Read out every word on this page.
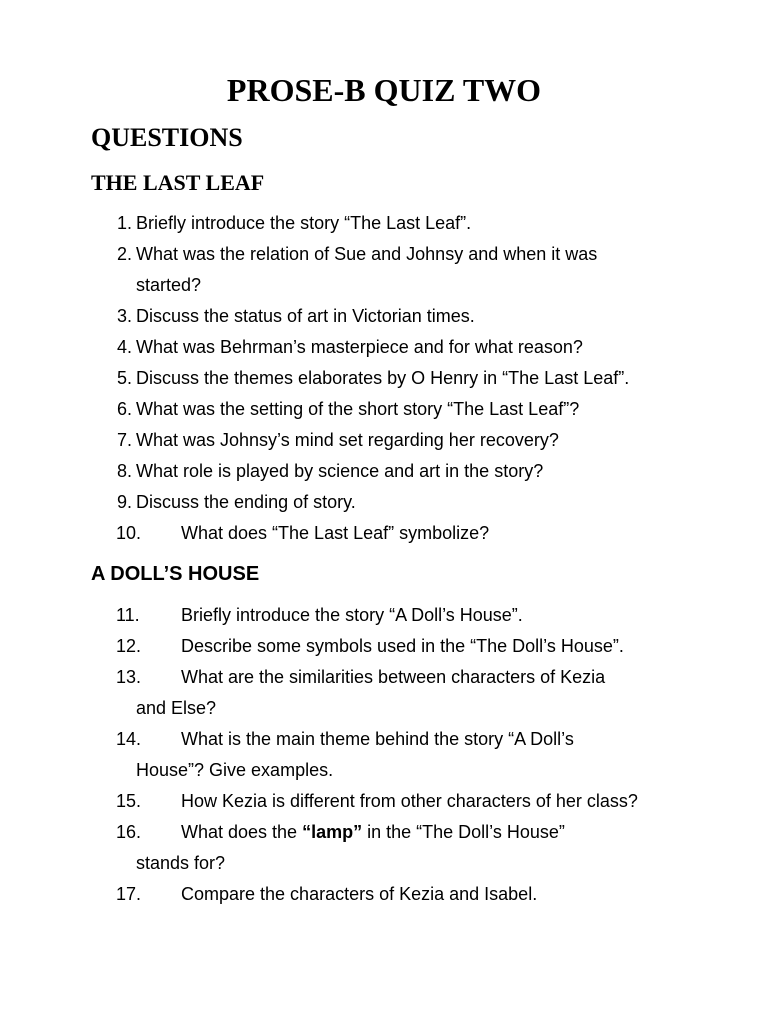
PROSE-B QUIZ TWO
QUESTIONS
THE LAST LEAF
1. Briefly introduce the story “The Last Leaf”.
2. What was the relation of Sue and Johnsy and when it was
started?
3. Discuss the status of art in Victorian times.
4. What was Behrman’s masterpiece and for what reason?
5. Discuss the themes elaborates by O Henry in “The Last Leaf”.
6. What was the setting of the short story “The Last Leaf”?
7. What was Johnsy’s mind set regarding her recovery?
8. What role is played by science and art in the story?
9. Discuss the ending of story.
10. What does “The Last Leaf” symbolize?
A DOLL’S HOUSE
11. Briefly introduce the story “A Doll’s House”.
12. Describe some symbols used in the “The Doll’s House”.
13. What are the similarities between characters of Kezia
and Else?
14. What is the main theme behind the story “A Doll’s
House”? Give examples.
15. How Kezia is different from other characters of her class?
16. What does the “lamp” in the “The Doll’s House”
stands for?
17. Compare the characters of Kezia and Isabel.
